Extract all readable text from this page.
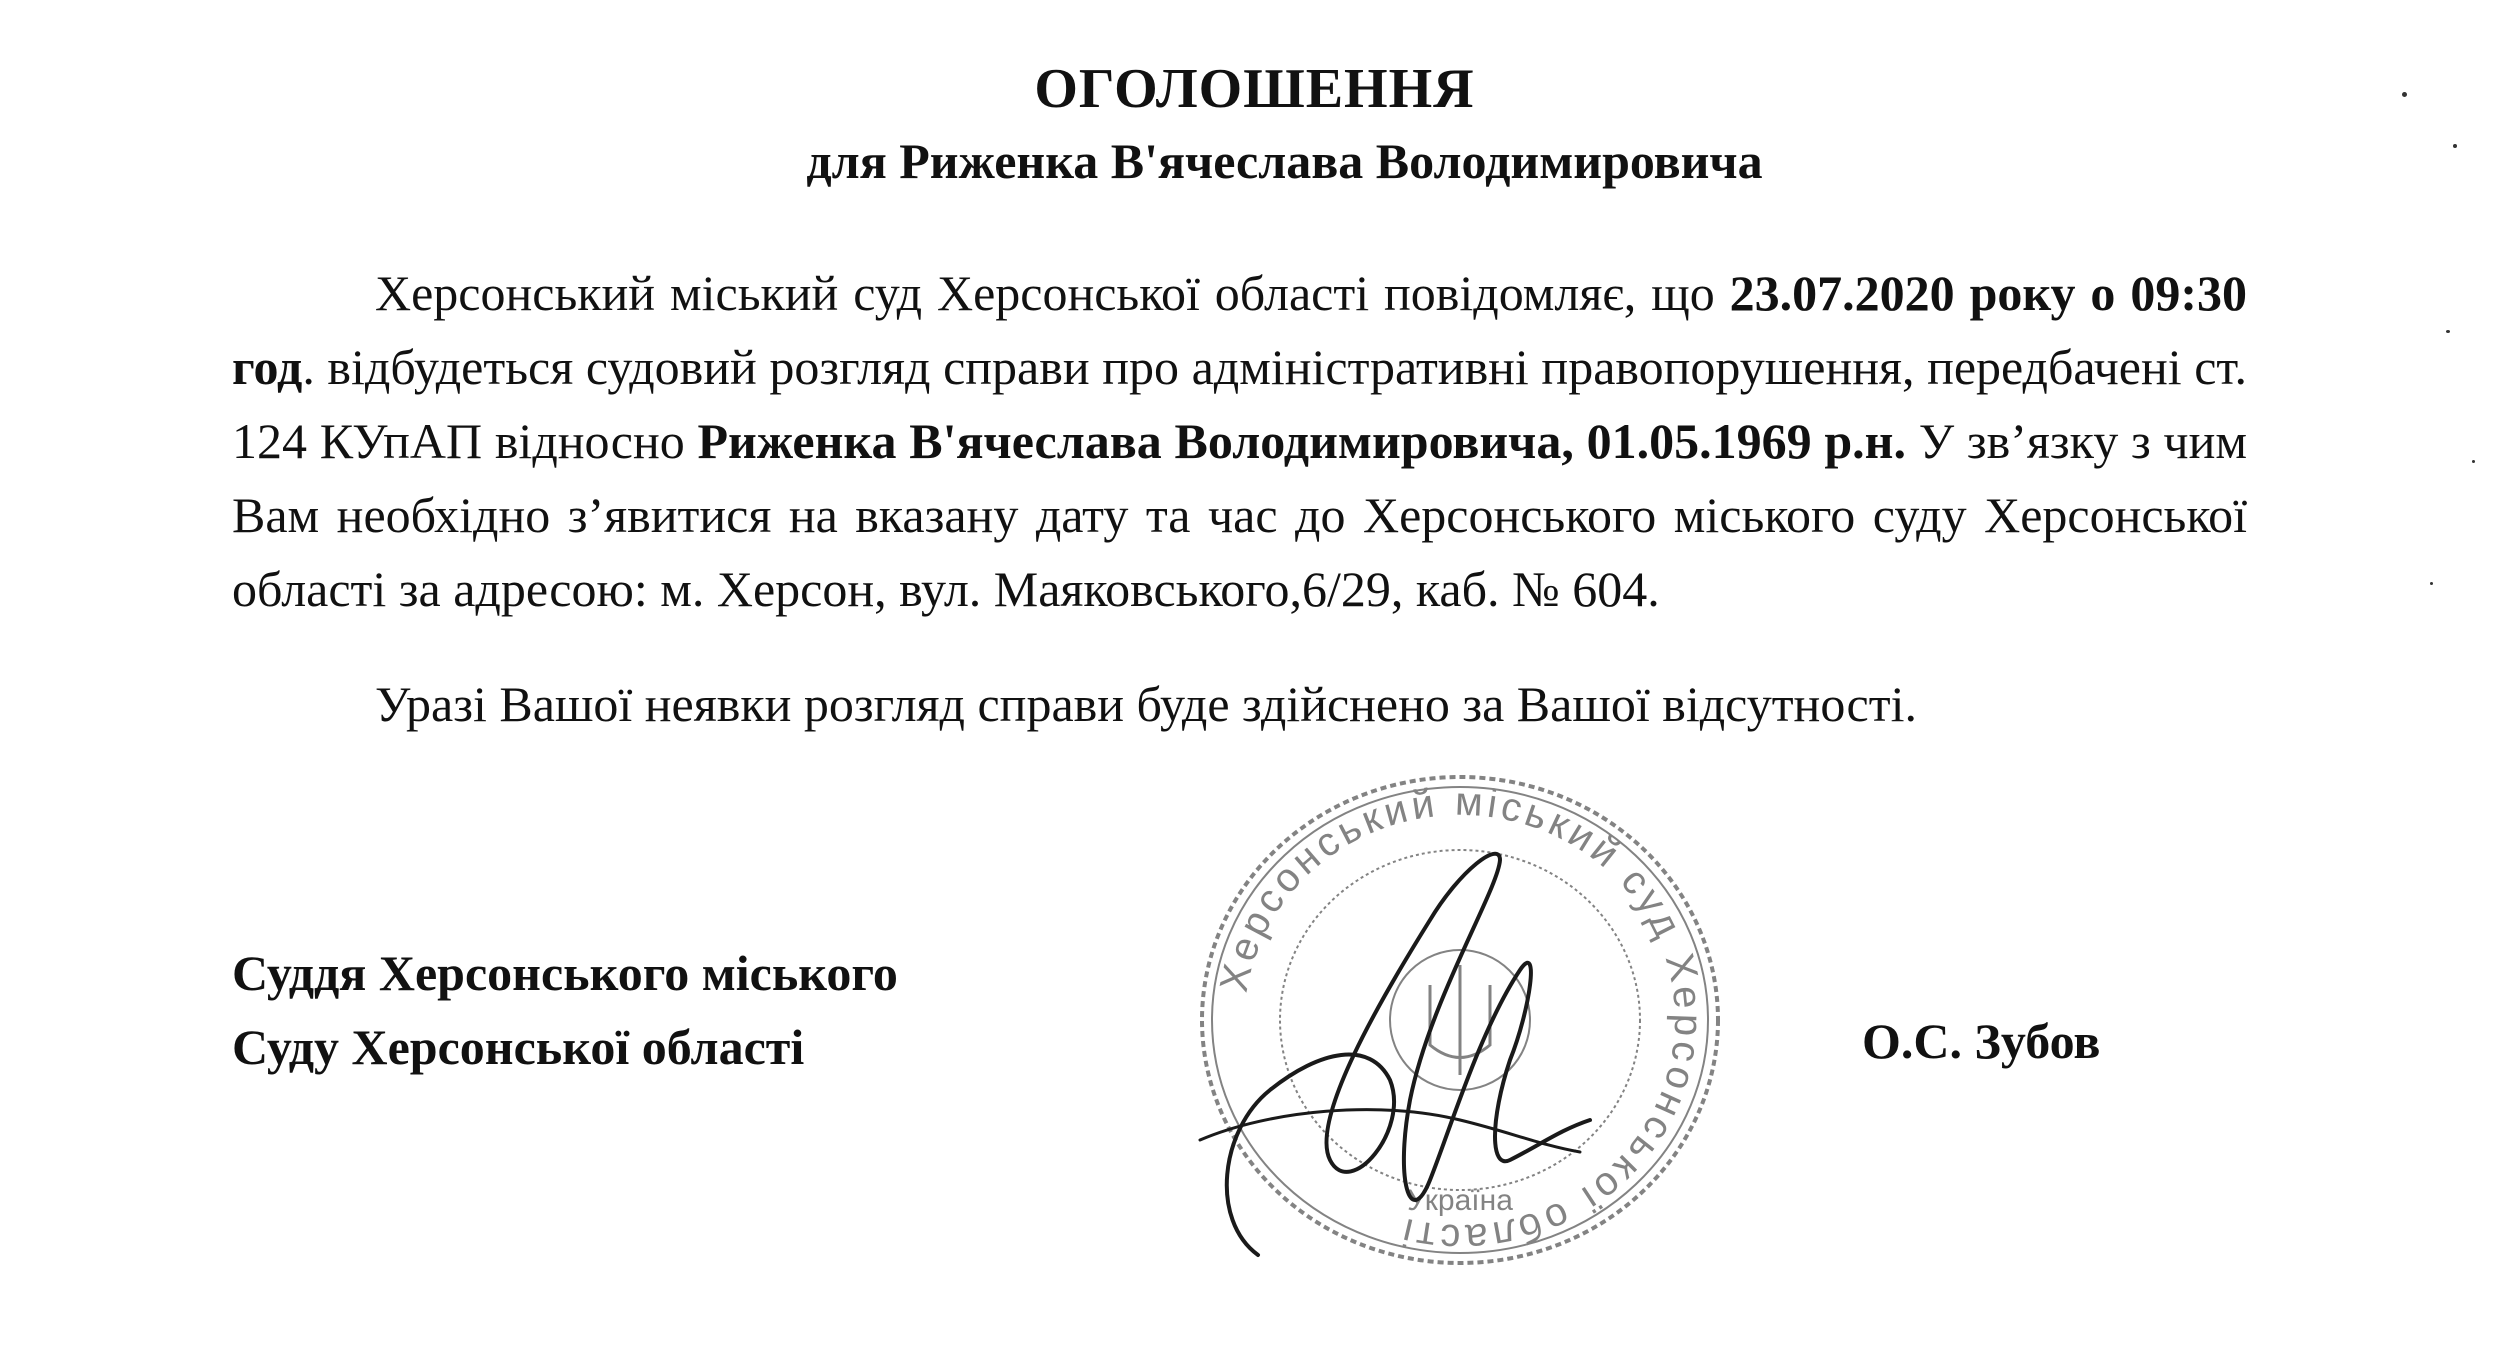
ОГОЛОШЕННЯ
для Риженка В'ячеслава Володимировича

Херсонський міський суд Херсонської області повідомляє, що 23.07.2020 року о 09:30 год. відбудеться судовий розгляд справи про адміністративні правопорушення, передбачені ст. 124 КУпАП відносно Риженка В'ячеслава Володимировича, 01.05.1969 р.н. У зв’язку з чим Вам необхідно з’явитися на вказану дату та час до Херсонського міського суду Херсонської області за адресою: м. Херсон, вул. Маяковського,6/29, каб. № 604.

Уразі Вашої неявки розгляд справи буде здійснено за Вашої відсутності.

Суддя Херсонського міського
Суду Херсонської області	О.С. Зубов
Херсонський міський суд Херсонської області
Україна
